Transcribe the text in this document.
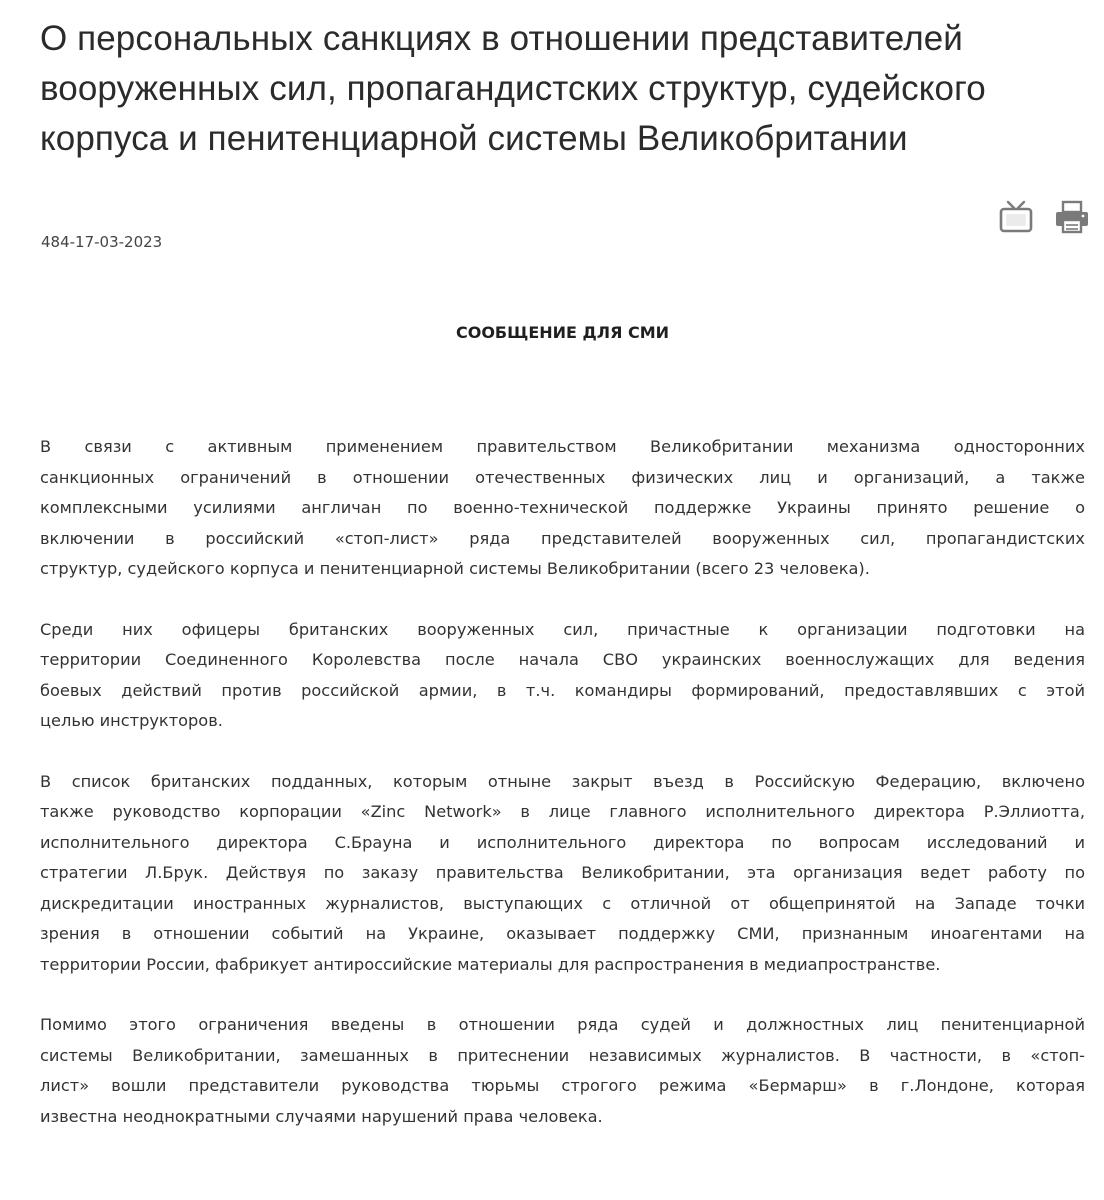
О персональных санкциях в отношении представителей вооруженных сил, пропагандистских структур, судейского корпуса и пенитенциарной системы Великобритании
484-17-03-2023
СООБЩЕНИЕ ДЛЯ СМИ

В связи с активным применением правительством Великобритании механизма односторонних
санкционных ограничений в отношении отечественных физических лиц и организаций, а также
комплексными усилиями англичан по военно-технической поддержке Украины принято решение о
включении в российский «стоп-лист» ряда представителей вооруженных сил, пропагандистских
структур, судейского корпуса и пенитенциарной системы Великобритании (всего 23 человека).

Среди них офицеры британских вооруженных сил, причастные к организации подготовки на
территории Соединенного Королевства после начала СВО украинских военнослужащих для ведения
боевых действий против российской армии, в т.ч. командиры формирований, предоставлявших с этой
целью инструкторов.

В список британских подданных, которым отныне закрыт въезд в Российскую Федерацию, включено
также руководство корпорации «Zinc Network» в лице главного исполнительного директора Р.Эллиотта,
исполнительного директора С.Брауна и исполнительного директора по вопросам исследований и
стратегии Л.Брук. Действуя по заказу правительства Великобритании, эта организация ведет работу по
дискредитации иностранных журналистов, выступающих с отличной от общепринятой на Западе точки
зрения в отношении событий на Украине, оказывает поддержку СМИ, признанным иноагентами на
территории России, фабрикует антироссийские материалы для распространения в медиапространстве.

Помимо этого ограничения введены в отношении ряда судей и должностных лиц пенитенциарной
системы Великобритании, замешанных в притеснении независимых журналистов. В частности, в «стоп-
лист» вошли представители руководства тюрьмы строгого режима «Бермарш» в г.Лондоне, которая
известна неоднократными случаями нарушений права человека.
